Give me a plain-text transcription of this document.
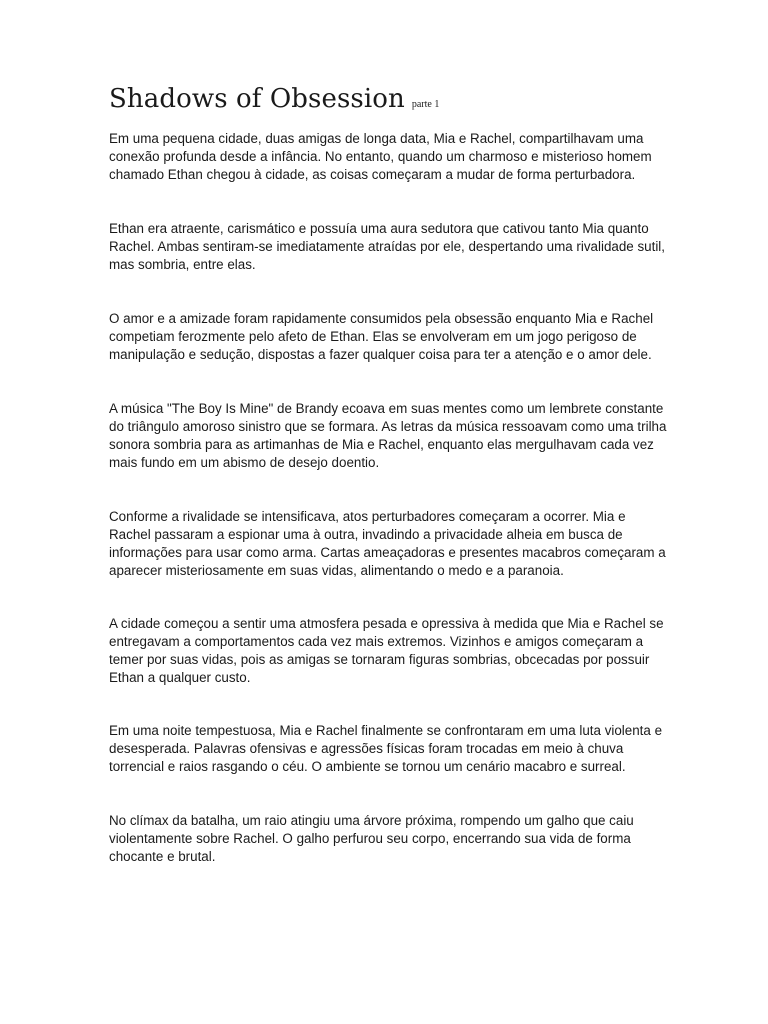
Shadows of Obsession parte 1

Em uma pequena cidade, duas amigas de longa data, Mia e Rachel, compartilhavam uma conexão profunda desde a infância. No entanto, quando um charmoso e misterioso homem chamado Ethan chegou à cidade, as coisas começaram a mudar de forma perturbadora.

Ethan era atraente, carismático e possuía uma aura sedutora que cativou tanto Mia quanto Rachel. Ambas sentiram-se imediatamente atraídas por ele, despertando uma rivalidade sutil, mas sombria, entre elas.

O amor e a amizade foram rapidamente consumidos pela obsessão enquanto Mia e Rachel competiam ferozmente pelo afeto de Ethan. Elas se envolveram em um jogo perigoso de manipulação e sedução, dispostas a fazer qualquer coisa para ter a atenção e o amor dele.

A música "The Boy Is Mine" de Brandy ecoava em suas mentes como um lembrete constante do triângulo amoroso sinistro que se formara. As letras da música ressoavam como uma trilha sonora sombria para as artimanhas de Mia e Rachel, enquanto elas mergulhavam cada vez mais fundo em um abismo de desejo doentio.

Conforme a rivalidade se intensificava, atos perturbadores começaram a ocorrer. Mia e Rachel passaram a espionar uma à outra, invadindo a privacidade alheia em busca de informações para usar como arma. Cartas ameaçadoras e presentes macabros começaram a aparecer misteriosamente em suas vidas, alimentando o medo e a paranoia.

A cidade começou a sentir uma atmosfera pesada e opressiva à medida que Mia e Rachel se entregavam a comportamentos cada vez mais extremos. Vizinhos e amigos começaram a temer por suas vidas, pois as amigas se tornaram figuras sombrias, obcecadas por possuir Ethan a qualquer custo.

Em uma noite tempestuosa, Mia e Rachel finalmente se confrontaram em uma luta violenta e desesperada. Palavras ofensivas e agressões físicas foram trocadas em meio à chuva torrencial e raios rasgando o céu. O ambiente se tornou um cenário macabro e surreal.

No clímax da batalha, um raio atingiu uma árvore próxima, rompendo um galho que caiu violentamente sobre Rachel. O galho perfurou seu corpo, encerrando sua vida de forma chocante e brutal.
